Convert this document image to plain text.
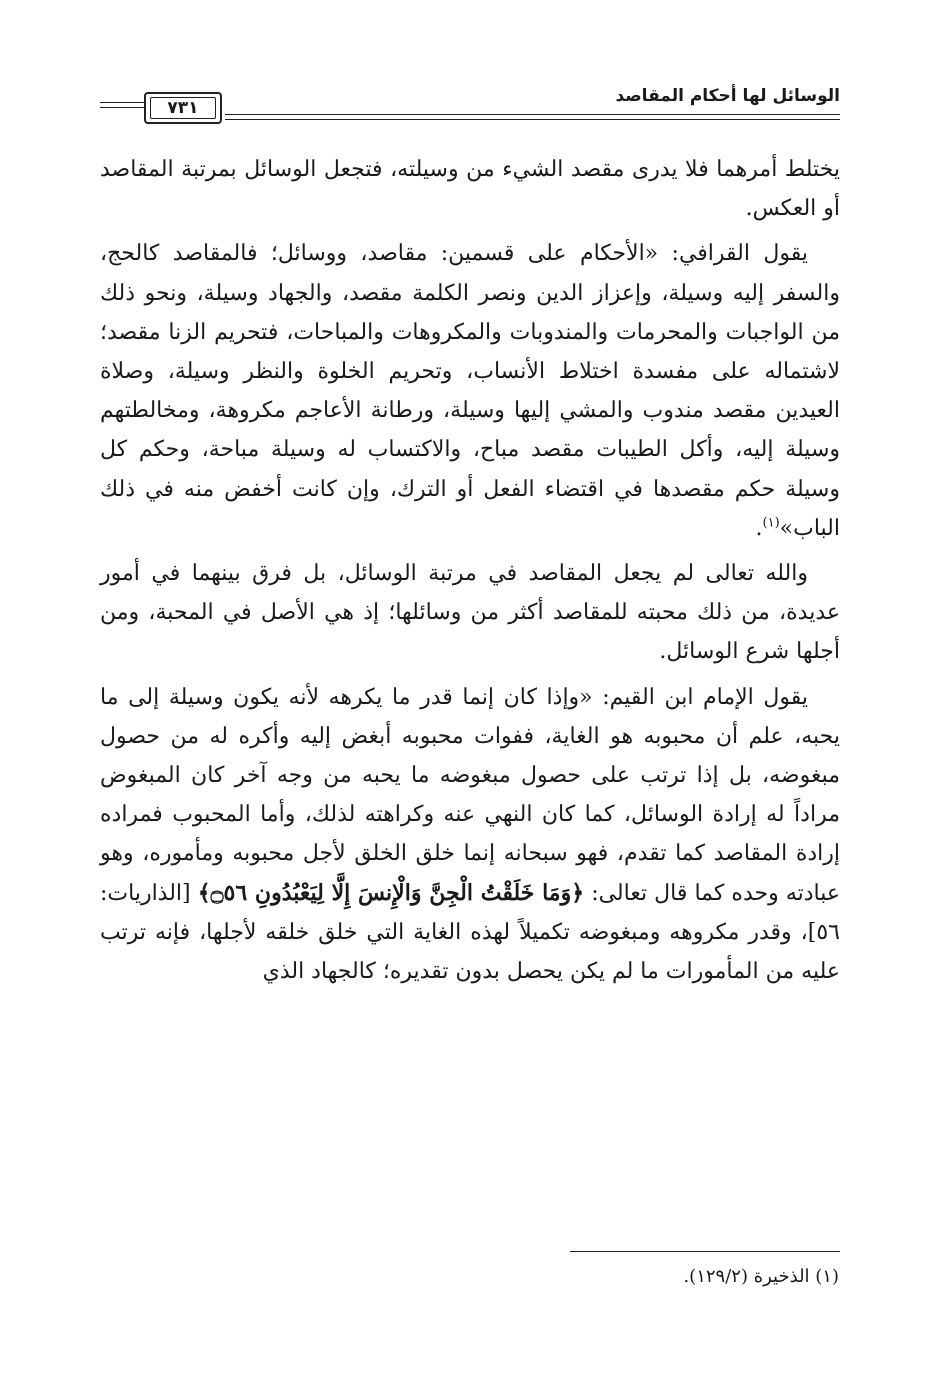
الوسائل لها أحكام المقاصد
٧٣١

يختلط أمرهما فلا يدرى مقصد الشيء من وسيلته، فتجعل الوسائل بمرتبة المقاصد أو العكس.

يقول القرافي: «الأحكام على قسمين: مقاصد، ووسائل؛ فالمقاصد كالحج، والسفر إليه وسيلة، وإعزاز الدين ونصر الكلمة مقصد، والجهاد وسيلة، ونحو ذلك من الواجبات والمحرمات والمندوبات والمكروهات والمباحات، فتحريم الزنا مقصد؛ لاشتماله على مفسدة اختلاط الأنساب، وتحريم الخلوة والنظر وسيلة، وصلاة العيدين مقصد مندوب والمشي إليها وسيلة، ورطانة الأعاجم مكروهة، ومخالطتهم وسيلة إليه، وأكل الطيبات مقصد مباح، والاكتساب له وسيلة مباحة، وحكم كل وسيلة حكم مقصدها في اقتضاء الفعل أو الترك، وإن كانت أخفض منه في ذلك الباب»$^{(١)}$.

والله تعالى لم يجعل المقاصد في مرتبة الوسائل، بل فرق بينهما في أمور عديدة، من ذلك محبته للمقاصد أكثر من وسائلها؛ إذ هي الأصل في المحبة، ومن أجلها شرع الوسائل.

يقول الإمام ابن القيم: «وإذا كان إنما قدر ما يكرهه لأنه يكون وسيلة إلى ما يحبه، علم أن محبوبه هو الغاية، ففوات محبوبه أبغض إليه وأكره له من حصول مبغوضه، بل إذا ترتب على حصول مبغوضه ما يحبه من وجه آخر كان المبغوض مراداً له إرادة الوسائل، كما كان النهي عنه وكراهته لذلك، وأما المحبوب فمراده إرادة المقاصد كما تقدم، فهو سبحانه إنما خلق الخلق لأجل محبوبه ومأموره، وهو عبادته وحده كما قال تعالى: ﴿وَمَا خَلَقْتُ الْجِنَّ وَالْإِنسَ إِلَّا لِيَعْبُدُونِ ۝٥٦﴾ [الذاريات: ٥٦]، وقدر مكروهه ومبغوضه تكميلاً لهذه الغاية التي خلق خلقه لأجلها، فإنه ترتب عليه من المأمورات ما لم يكن يحصل بدون تقديره؛ كالجهاد الذي

(١) الذخيرة (١٢٩/٢).
